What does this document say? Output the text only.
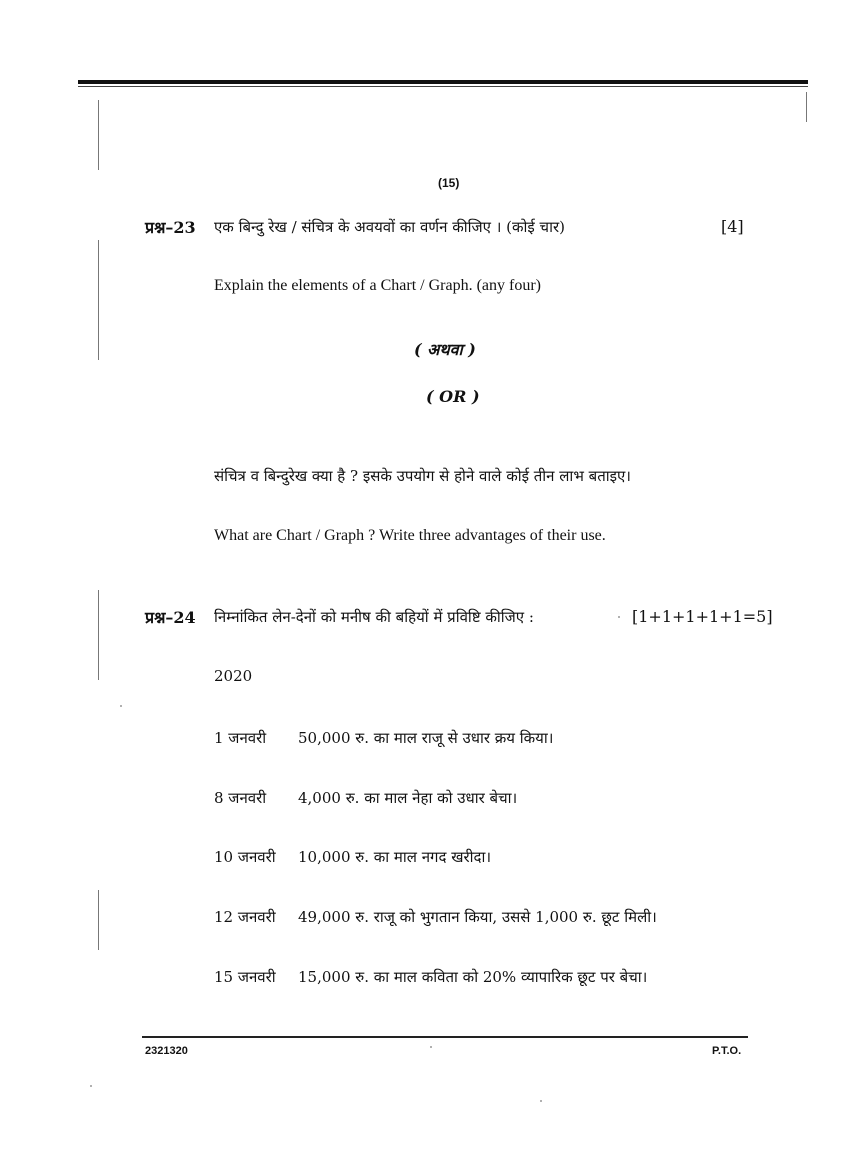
(15)
प्रश्न–23 एक बिन्दु रेख / संचित्र के अवयवों का वर्णन कीजिए । (कोई चार)	[4]
Explain the elements of a Chart / Graph. (any four)
( अथवा )
( OR )
संचित्र व बिन्दुरेख क्या है ? इसके उपयोग से होने वाले कोई तीन लाभ बताइए।
What are Chart / Graph ? Write three advantages of their use.
प्रश्न–24 निम्नांकित लेन-देनों को मनीष की बहियों में प्रविष्टि कीजिए :	[1+1+1+1+1=5]
2020
1 जनवरी 50,000 रु. का माल राजू से उधार क्रय किया।
8 जनवरी 4,000 रु. का माल नेहा को उधार बेचा।
10 जनवरी 10,000 रु. का माल नगद खरीदा।
12 जनवरी 49,000 रु. राजू को भुगतान किया, उससे 1,000 रु. छूट मिली।
15 जनवरी 15,000 रु. का माल कविता को 20% व्यापारिक छूट पर बेचा।
2321320	P.T.O.
